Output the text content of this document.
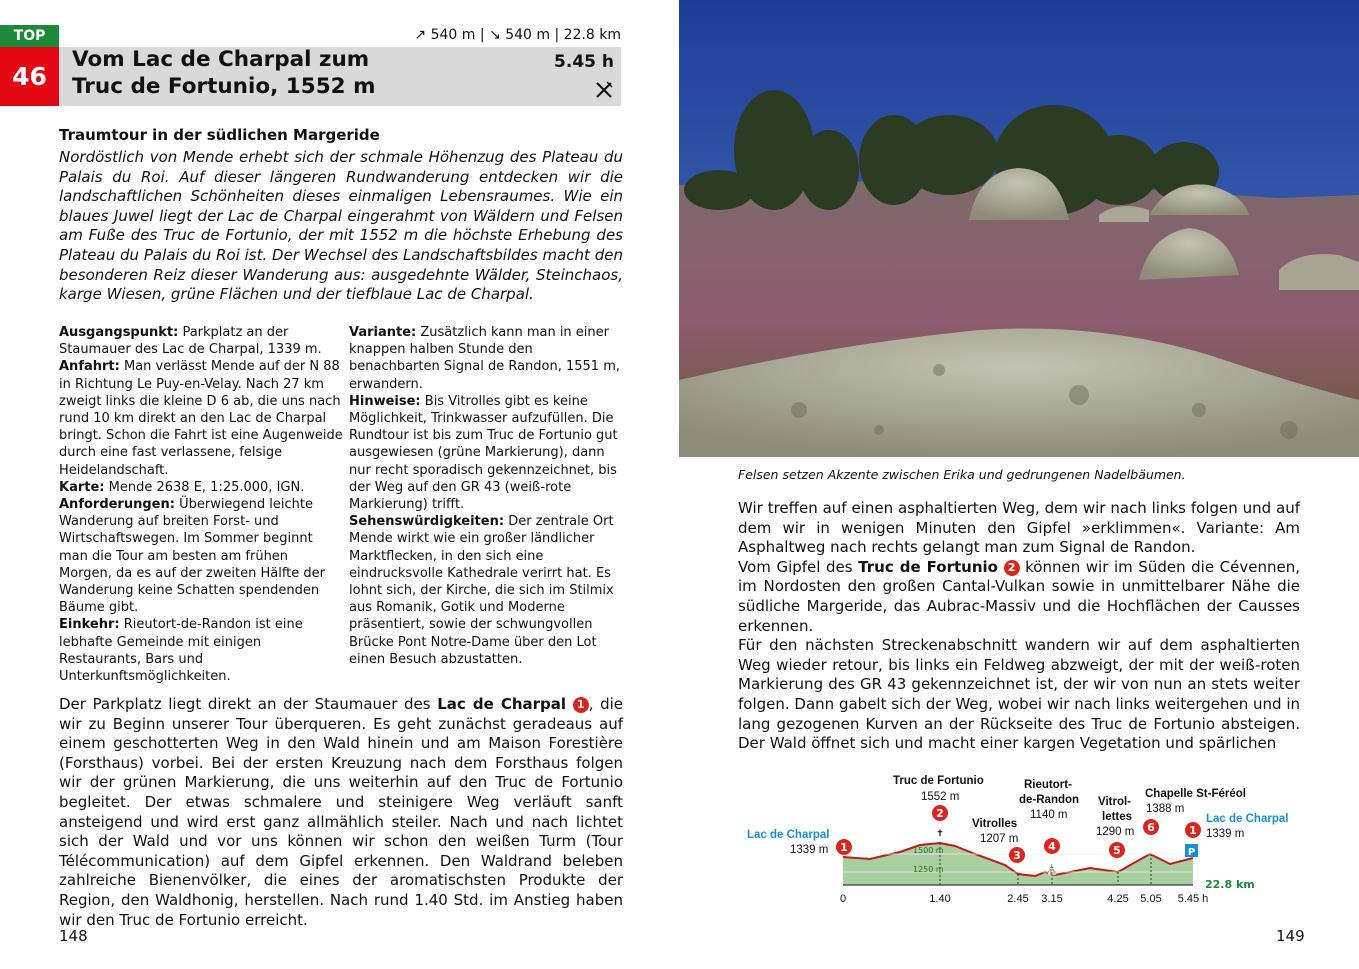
TOP
46
↗ 540 m | ↘ 540 m | 22.8 km
Vom Lac de Charpal zum
Truc de Fortunio, 1552 m
5.45 h
Traumtour in der südlichen Margeride
Nordöstlich von Mende erhebt sich der schmale Höhenzug des Plateau du Palais du Roi. Auf dieser längeren Rundwanderung entdecken wir die landschaftlichen Schönheiten dieses einmaligen Lebensraumes. Wie ein blaues Juwel liegt der Lac de Charpal eingerahmt von Wäldern und Felsen am Fuße des Truc de Fortunio, der mit 1552 m die höchste Erhebung des Plateau du Palais du Roi ist. Der Wechsel des Landschaftsbildes macht den besonderen Reiz dieser Wanderung aus: ausgedehnte Wälder, Steinchaos, karge Wiesen, grüne Flächen und der tiefblaue Lac de Charpal.

Ausgangspunkt: Parkplatz an der Staumauer des Lac de Charpal, 1339 m.

Anfahrt: Man verlässt Mende auf der N 88 in Richtung Le Puy-en-Velay. Nach 27 km zweigt links die kleine D 6 ab, die uns nach rund 10 km direkt an den Lac de Charpal bringt. Schon die Fahrt ist eine Augenweide durch eine fast verlassene, felsige Heidelandschaft.

Karte: Mende 2638 E, 1:25.000, IGN.

Anforderungen: Überwiegend leichte Wanderung auf breiten Forst- und Wirtschaftswegen. Im Sommer beginnt man die Tour am besten am frühen Morgen, da es auf der zweiten Hälfte der Wanderung keine Schatten spendenden Bäume gibt.

Einkehr: Rieutort-de-Randon ist eine lebhafte Gemeinde mit einigen Restaurants, Bars und Unterkunftsmöglichkeiten.

Variante: Zusätzlich kann man in einer knappen halben Stunde den benachbarten Signal de Randon, 1551 m, erwandern.

Hinweise: Bis Vitrolles gibt es keine Möglichkeit, Trinkwasser aufzufüllen. Die Rundtour ist bis zum Truc de Fortunio gut ausgewiesen (grüne Markierung), dann nur recht sporadisch gekennzeichnet, bis der Weg auf den GR 43 (weiß-rote Markierung) trifft.

Sehenswürdigkeiten: Der zentrale Ort Mende wirkt wie ein großer ländlicher Marktflecken, in den sich eine eindrucksvolle Kathedrale verirrt hat. Es lohnt sich, der Kirche, die sich im Stilmix aus Romanik, Gotik und Moderne präsentiert, sowie der schwungvollen Brücke Pont Notre-Dame über den Lot einen Besuch abzustatten.

Der Parkplatz liegt direkt an der Staumauer des Lac de Charpal 1 , die wir zu Beginn unserer Tour überqueren. Es geht zunächst geradeaus auf einem geschotterten Weg in den Wald hinein und am Maison Forestière (Forsthaus) vorbei. Bei der ersten Kreuzung nach dem Forsthaus folgen wir der grünen Markierung, die uns weiterhin auf den Truc de Fortunio begleitet. Der etwas schmalere und steinigere Weg verläuft sanft ansteigend und wird erst ganz allmählich steiler. Nach und nach lichtet sich der Wald und vor uns können wir schon den weißen Turm (Tour Télécommunication) auf dem Gipfel erkennen. Den Waldrand beleben zahlreiche Bienenvölker, die eines der aromatischsten Produkte der Region, den Waldhonig, herstellen. Nach rund 1.40 Std. im Anstieg haben wir den Truc de Fortunio erreicht.

148
Felsen setzen Akzente zwischen Erika und gedrungenen Nadelbäumen.

Wir treffen auf einen asphaltierten Weg, dem wir nach links folgen und auf dem wir in wenigen Minuten den Gipfel »erklimmen«. Variante: Am Asphaltweg nach rechts gelangt man zum Signal de Randon.

Vom Gipfel des Truc de Fortunio 2 können wir im Süden die Cévennen, im Nordosten den großen Cantal-Vulkan sowie in unmittelbarer Nähe die südliche Margeride, das Aubrac-Massiv und die Hochflächen der Causses erkennen.

Für den nächsten Streckenabschnitt wandern wir auf dem asphaltierten Weg wieder retour, bis links ein Feldweg abzweigt, der mit der weiß-roten Markierung des GR 43 gekennzeichnet ist, der wir von nun an stets weiter folgen. Dann gabelt sich der Weg, wobei wir nach links weitergehen und in lang gezogenen Kurven an der Rückseite des Truc de Fortunio absteigen. Der Wald öffnet sich und macht einer kargen Vegetation und spärlichen

1500 m
1250 m
0	1.40	2.45 3.15	4.25 5.05 5.45 h
22.8 km
✝
⛪
P
1
2
3
4	5
6	1
Lac de Charpal
Truc de Fortunio
Vitrolles
Rieutort-
de-Randon Vitrol-
lettes
Chapelle St-Féréol
Lac de Charpal
1339 m
1552 m
1207 m
1140 m
1290 m
1388 m
1339 m
149
